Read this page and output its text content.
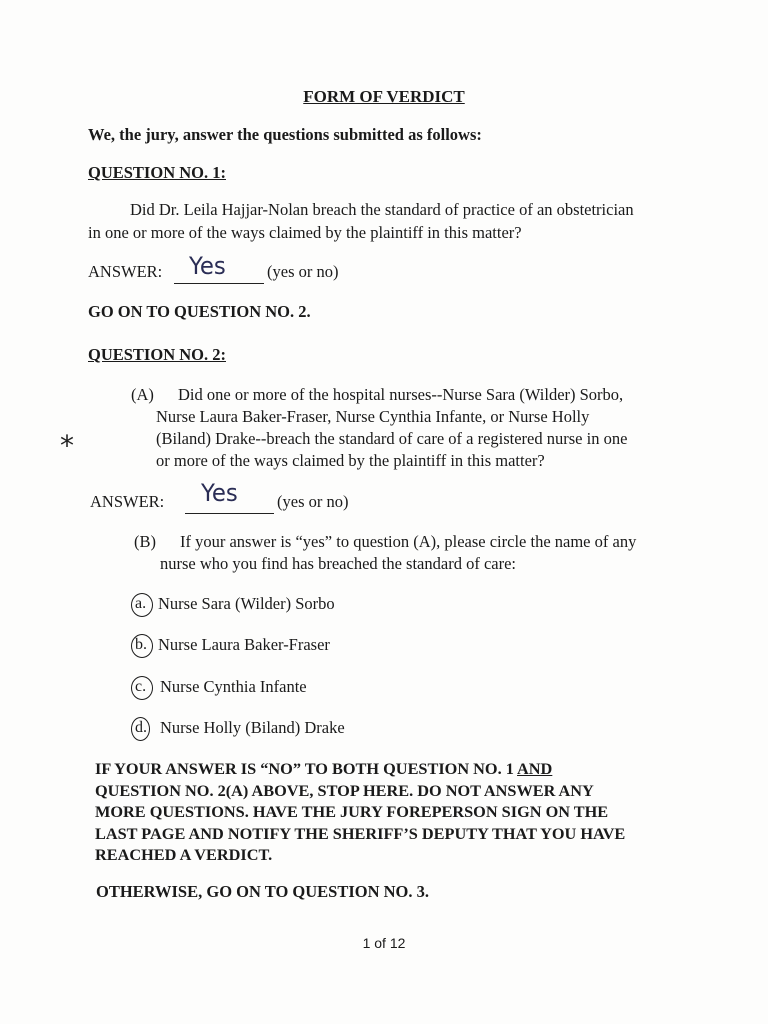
FORM OF VERDICT
We, the jury, answer the questions submitted as follows:
QUESTION NO. 1:
Did Dr. Leila Hajjar-Nolan breach the standard of practice of an obstetrician
in one or more of the ways claimed by the plaintiff in this matter?
ANSWER: Yes (yes or no)
GO ON TO QUESTION NO. 2.
QUESTION NO. 2:
(A) Did one or more of the hospital nurses--Nurse Sara (Wilder) Sorbo,
Nurse Laura Baker-Fraser, Nurse Cynthia Infante, or Nurse Holly
(Biland) Drake--breach the standard of care of a registered nurse in one
or more of the ways claimed by the plaintiff in this matter?
*
ANSWER: Yes (yes or no)
(B) If your answer is “yes” to question (A), please circle the name of any
nurse who you find has breached the standard of care:
a. Nurse Sara (Wilder) Sorbo
b. Nurse Laura Baker-Fraser
c. Nurse Cynthia Infante
d. Nurse Holly (Biland) Drake
IF YOUR ANSWER IS “NO” TO BOTH QUESTION NO. 1 AND
QUESTION NO. 2(A) ABOVE, STOP HERE. DO NOT ANSWER ANY
MORE QUESTIONS. HAVE THE JURY FOREPERSON SIGN ON THE
LAST PAGE AND NOTIFY THE SHERIFF’S DEPUTY THAT YOU HAVE
REACHED A VERDICT.
OTHERWISE, GO ON TO QUESTION NO. 3.
1 of 12
